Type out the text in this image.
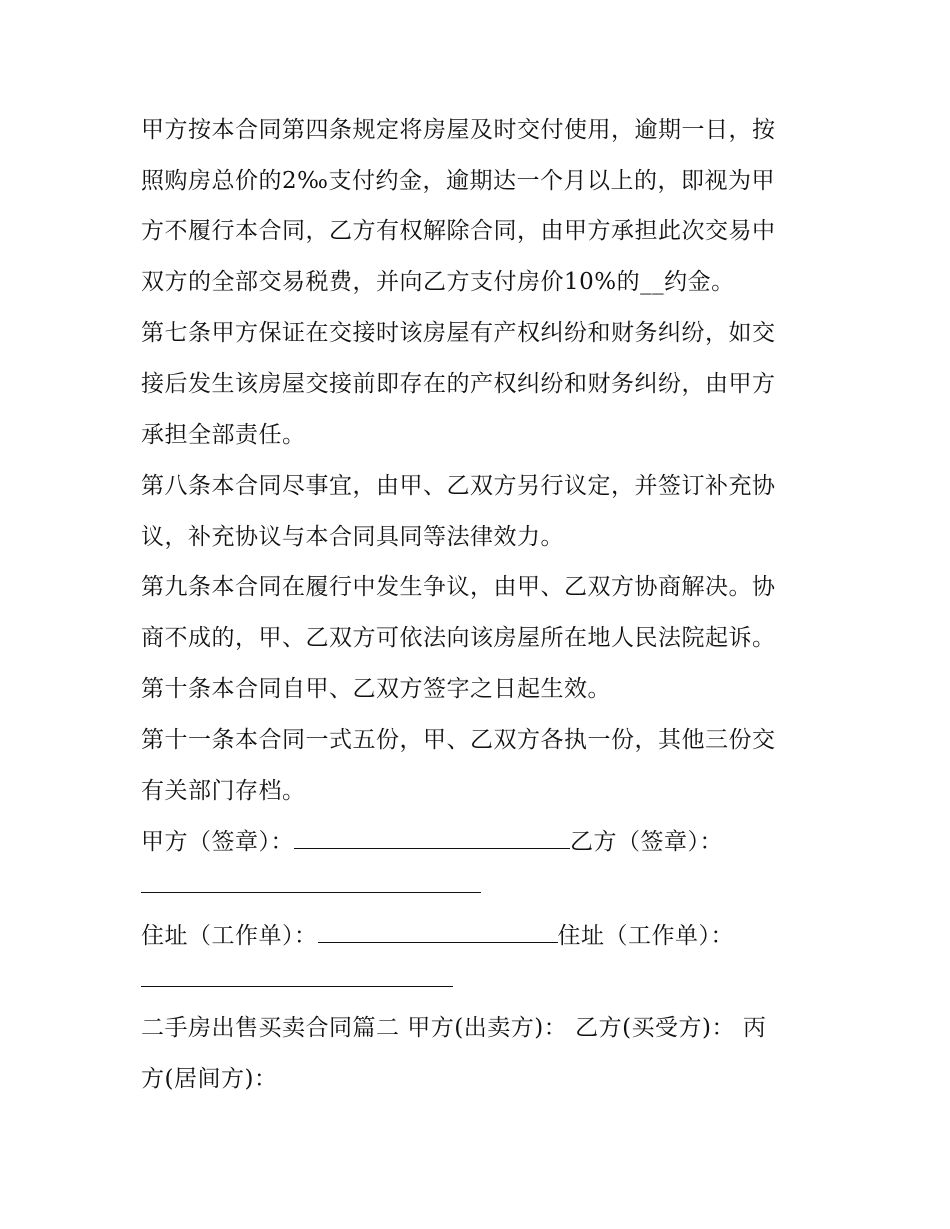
甲方按本合同第四条规定将房屋及时交付使用，逾期一日，按
照购房总价的2‰支付约金，逾期达一个月以上的，即视为甲
方不履行本合同，乙方有权解除合同，由甲方承担此次交易中
双方的全部交易税费，并向乙方支付房价10%的__约金。
第七条甲方保证在交接时该房屋有产权纠纷和财务纠纷，如交
接后发生该房屋交接前即存在的产权纠纷和财务纠纷，由甲方
承担全部责任。
第八条本合同尽事宜，由甲、乙双方另行议定，并签订补充协
议，补充协议与本合同具同等法律效力。
第九条本合同在履行中发生争议，由甲、乙双方协商解决。协
商不成的，甲、乙双方可依法向该房屋所在地人民法院起诉。
第十条本合同自甲、乙双方签字之日起生效。
第十一条本合同一式五份，甲、乙双方各执一份，其他三份交
有关部门存档。
甲方（签章）：	乙方（签章）：
住址（工作单）：	住址（工作单）：
二手房出售买卖合同篇二 甲方(出卖方)： 乙方(买受方)： 丙
方(居间方)：
